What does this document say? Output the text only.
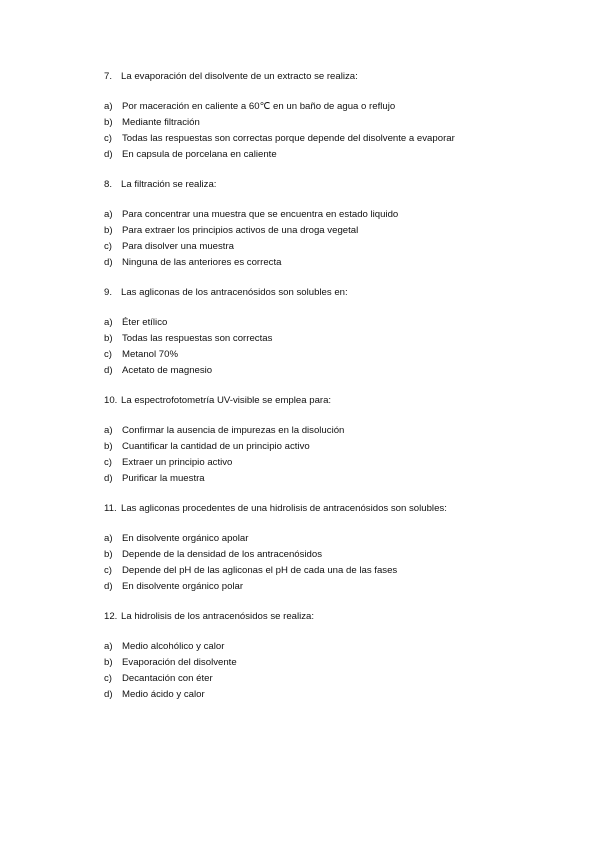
7. La evaporación del disolvente de un extracto se realiza:
a) Por maceración en caliente a 60℃ en un baño de agua o reflujo
b) Mediante filtración
c)	Todas las respuestas son correctas porque depende del disolvente a evaporar
d) En capsula de porcelana en caliente
8. La filtración se realiza:
a) Para concentrar una muestra que se encuentra en estado liquido
b) Para extraer los principios activos de una droga vegetal
c)	Para disolver una muestra
d) Ninguna de las anteriores es correcta
9. Las agliconas de los antracenósidos son solubles en:
a) Éter etílico
b) Todas las respuestas son correctas
c)	Metanol 70%
d) Acetato de magnesio
10. La espectrofotometría UV-visible se emplea para:
a) Confirmar la ausencia de impurezas en la disolución
b) Cuantificar la cantidad de un principio activo
c)	Extraer un principio activo
d) Purificar la muestra
11. Las agliconas procedentes de una hidrolisis de antracenósidos son solubles:
a) En disolvente orgánico apolar
b) Depende de la densidad de los antracenósidos
c)	Depende del pH de las agliconas el pH de cada una de las fases
d) En disolvente orgánico polar
12. La hidrolisis de los antracenósidos se realiza:
a) Medio alcohólico y calor
b) Evaporación del disolvente
c)	Decantación con éter
d) Medio ácido y calor
